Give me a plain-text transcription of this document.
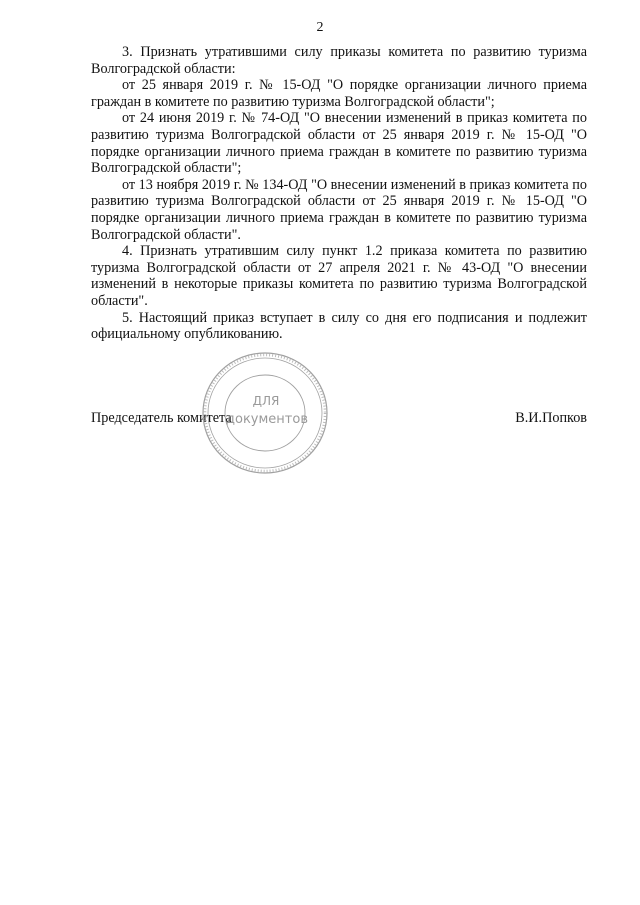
2

3. Признать утратившими силу приказы комитета по развитию туризма Волгоградской области:

от 25 января 2019 г. № 15-ОД "О порядке организации личного приема граждан в комитете по развитию туризма Волгоградской области";

от 24 июня 2019 г. № 74-ОД "О внесении изменений в приказ комитета по развитию туризма Волгоградской области от 25 января 2019 г. № 15-ОД "О порядке организации личного приема граждан в комитете по развитию туризма Волгоградской области";

от 13 ноября 2019 г. № 134-ОД "О внесении изменений в приказ комитета по развитию туризма Волгоградской области от 25 января 2019 г. № 15-ОД "О порядке организации личного приема граждан в комитете по развитию туризма Волгоградской области".

4. Признать утратившим силу пункт 1.2 приказа комитета по развитию туризма Волгоградской области от 27 апреля 2021 г. № 43-ОД "О внесении изменений в некоторые приказы комитета по развитию туризма Волгоградской области".

5. Настоящий приказ вступает в силу со дня его подписания и подлежит официальному опубликованию.

Председатель комитета	В.И.Попков
ДЛЯ
документов
